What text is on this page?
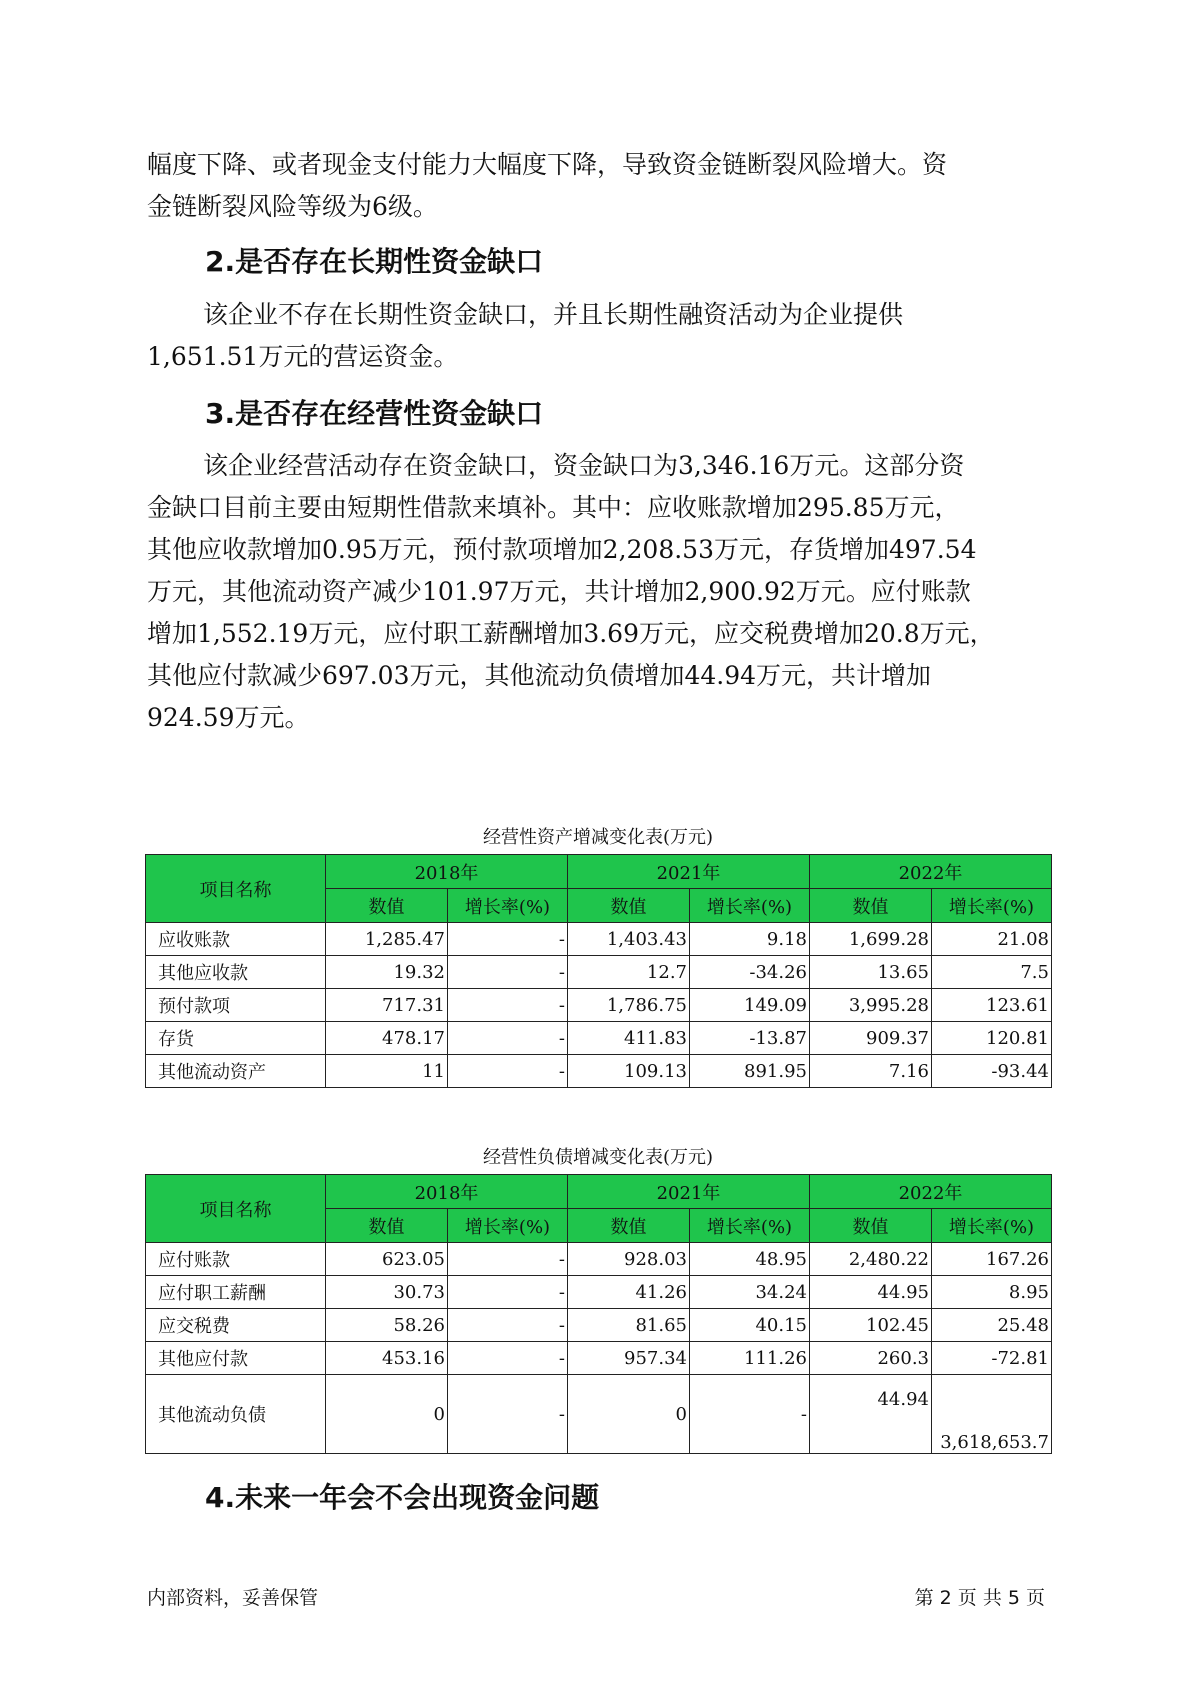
幅度下降、或者现金支付能力大幅度下降，导致资金链断裂风险增大。资
金链断裂风险等级为6级。
2.是否存在长期性资金缺口
该企业不存在长期性资金缺口，并且长期性融资活动为企业提供
1,651.51万元的营运资金。
3.是否存在经营性资金缺口
该企业经营活动存在资金缺口，资金缺口为3,346.16万元。这部分资
金缺口目前主要由短期性借款来填补。其中：应收账款增加295.85万元，
其他应收款增加0.95万元，预付款项增加2,208.53万元，存货增加497.54
万元，其他流动资产减少101.97万元，共计增加2,900.92万元。应付账款
增加1,552.19万元，应付职工薪酬增加3.69万元，应交税费增加20.8万元，
其他应付款减少697.03万元，其他流动负债增加44.94万元，共计增加
924.59万元。

经营性资产增减变化表(万元)

项目名称	2018年		2021年		2022年	
	数值	增长率(%)	数值	增长率(%)	数值	增长率(%)
应收账款	1,285.47	-	1,403.43	9.18	1,699.28	21.08
其他应收款	19.32	-	12.7	-34.26	13.65	7.5
预付款项	717.31	-	1,786.75	149.09	3,995.28	123.61
存货	478.17	-	411.83	-13.87	909.37	120.81
其他流动资产	11	-	109.13	891.95	7.16	-93.44

经营性负债增减变化表(万元)

项目名称	2018年		2021年		2022年	
	数值	增长率(%)	数值	增长率(%)	数值	增长率(%)
应付账款	623.05	-	928.03	48.95	2,480.22	167.26
应付职工薪酬	30.73	-	41.26	34.24	44.95	8.95
应交税费	58.26	-	81.65	40.15	102.45	25.48
其他应付款	453.16	-	957.34	111.26	260.3	-72.81
其他流动负债	0	-	0	-	44.94	3,618,653.7
4.未来一年会不会出现资金问题

内部资料，妥善保管	第 2 页 共 5 页
